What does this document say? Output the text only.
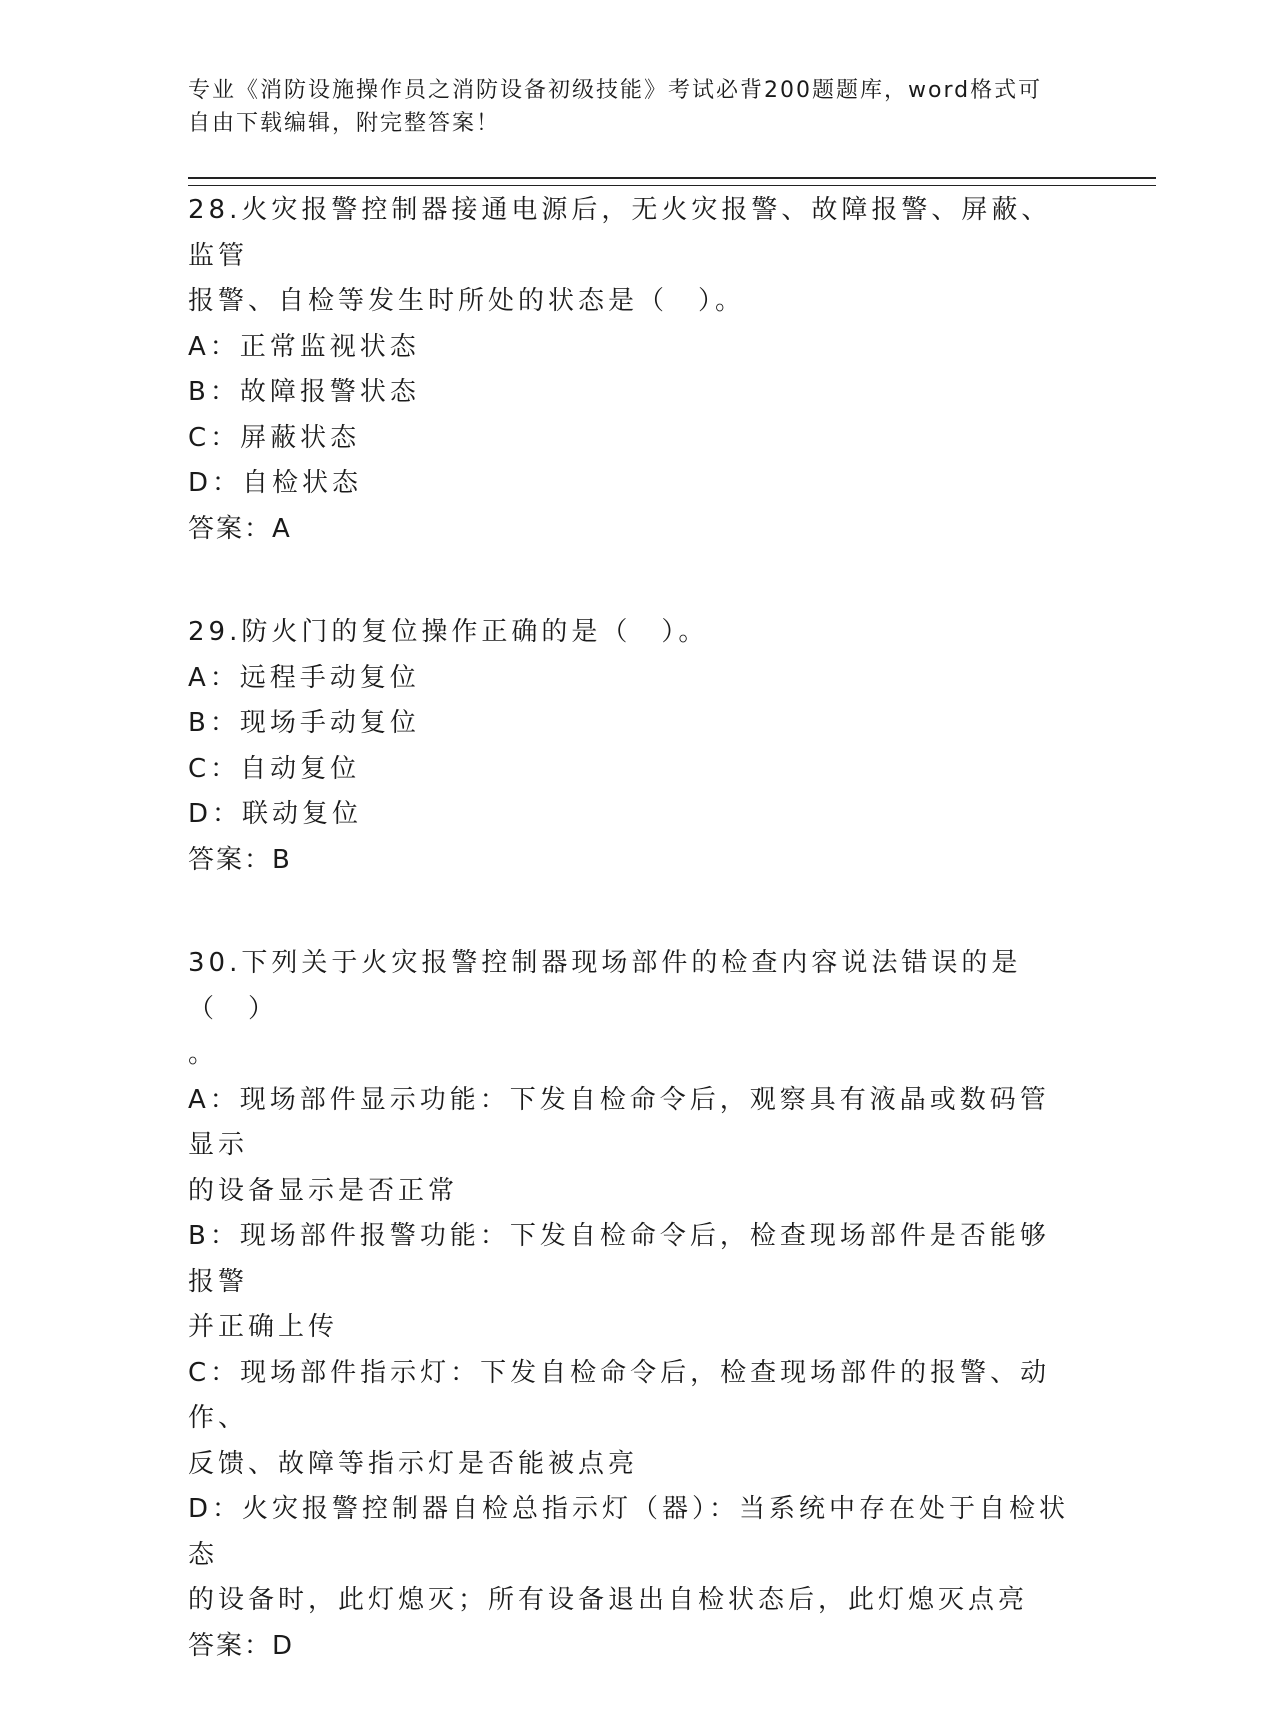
专业《消防设施操作员之消防设备初级技能》考试必背200题题库，word格式可
自由下载编辑，附完整答案！
28.火灾报警控制器接通电源后，无火灾报警、故障报警、屏蔽、监管
报警、自检等发生时所处的状态是（　）。
A：正常监视状态
B：故障报警状态
C：屏蔽状态
D：自检状态
答案：A
29.防火门的复位操作正确的是（　）。
A：远程手动复位
B：现场手动复位
C：自动复位
D：联动复位
答案：B
30.下列关于火灾报警控制器现场部件的检查内容说法错误的是（　）
。
A：现场部件显示功能：下发自检命令后，观察具有液晶或数码管显示
的设备显示是否正常
B：现场部件报警功能：下发自检命令后，检查现场部件是否能够报警
并正确上传
C：现场部件指示灯：下发自检命令后，检查现场部件的报警、动作、
反馈、故障等指示灯是否能被点亮
D：火灾报警控制器自检总指示灯（器）：当系统中存在处于自检状态
的设备时，此灯熄灭；所有设备退出自检状态后，此灯熄灭点亮
答案：D
